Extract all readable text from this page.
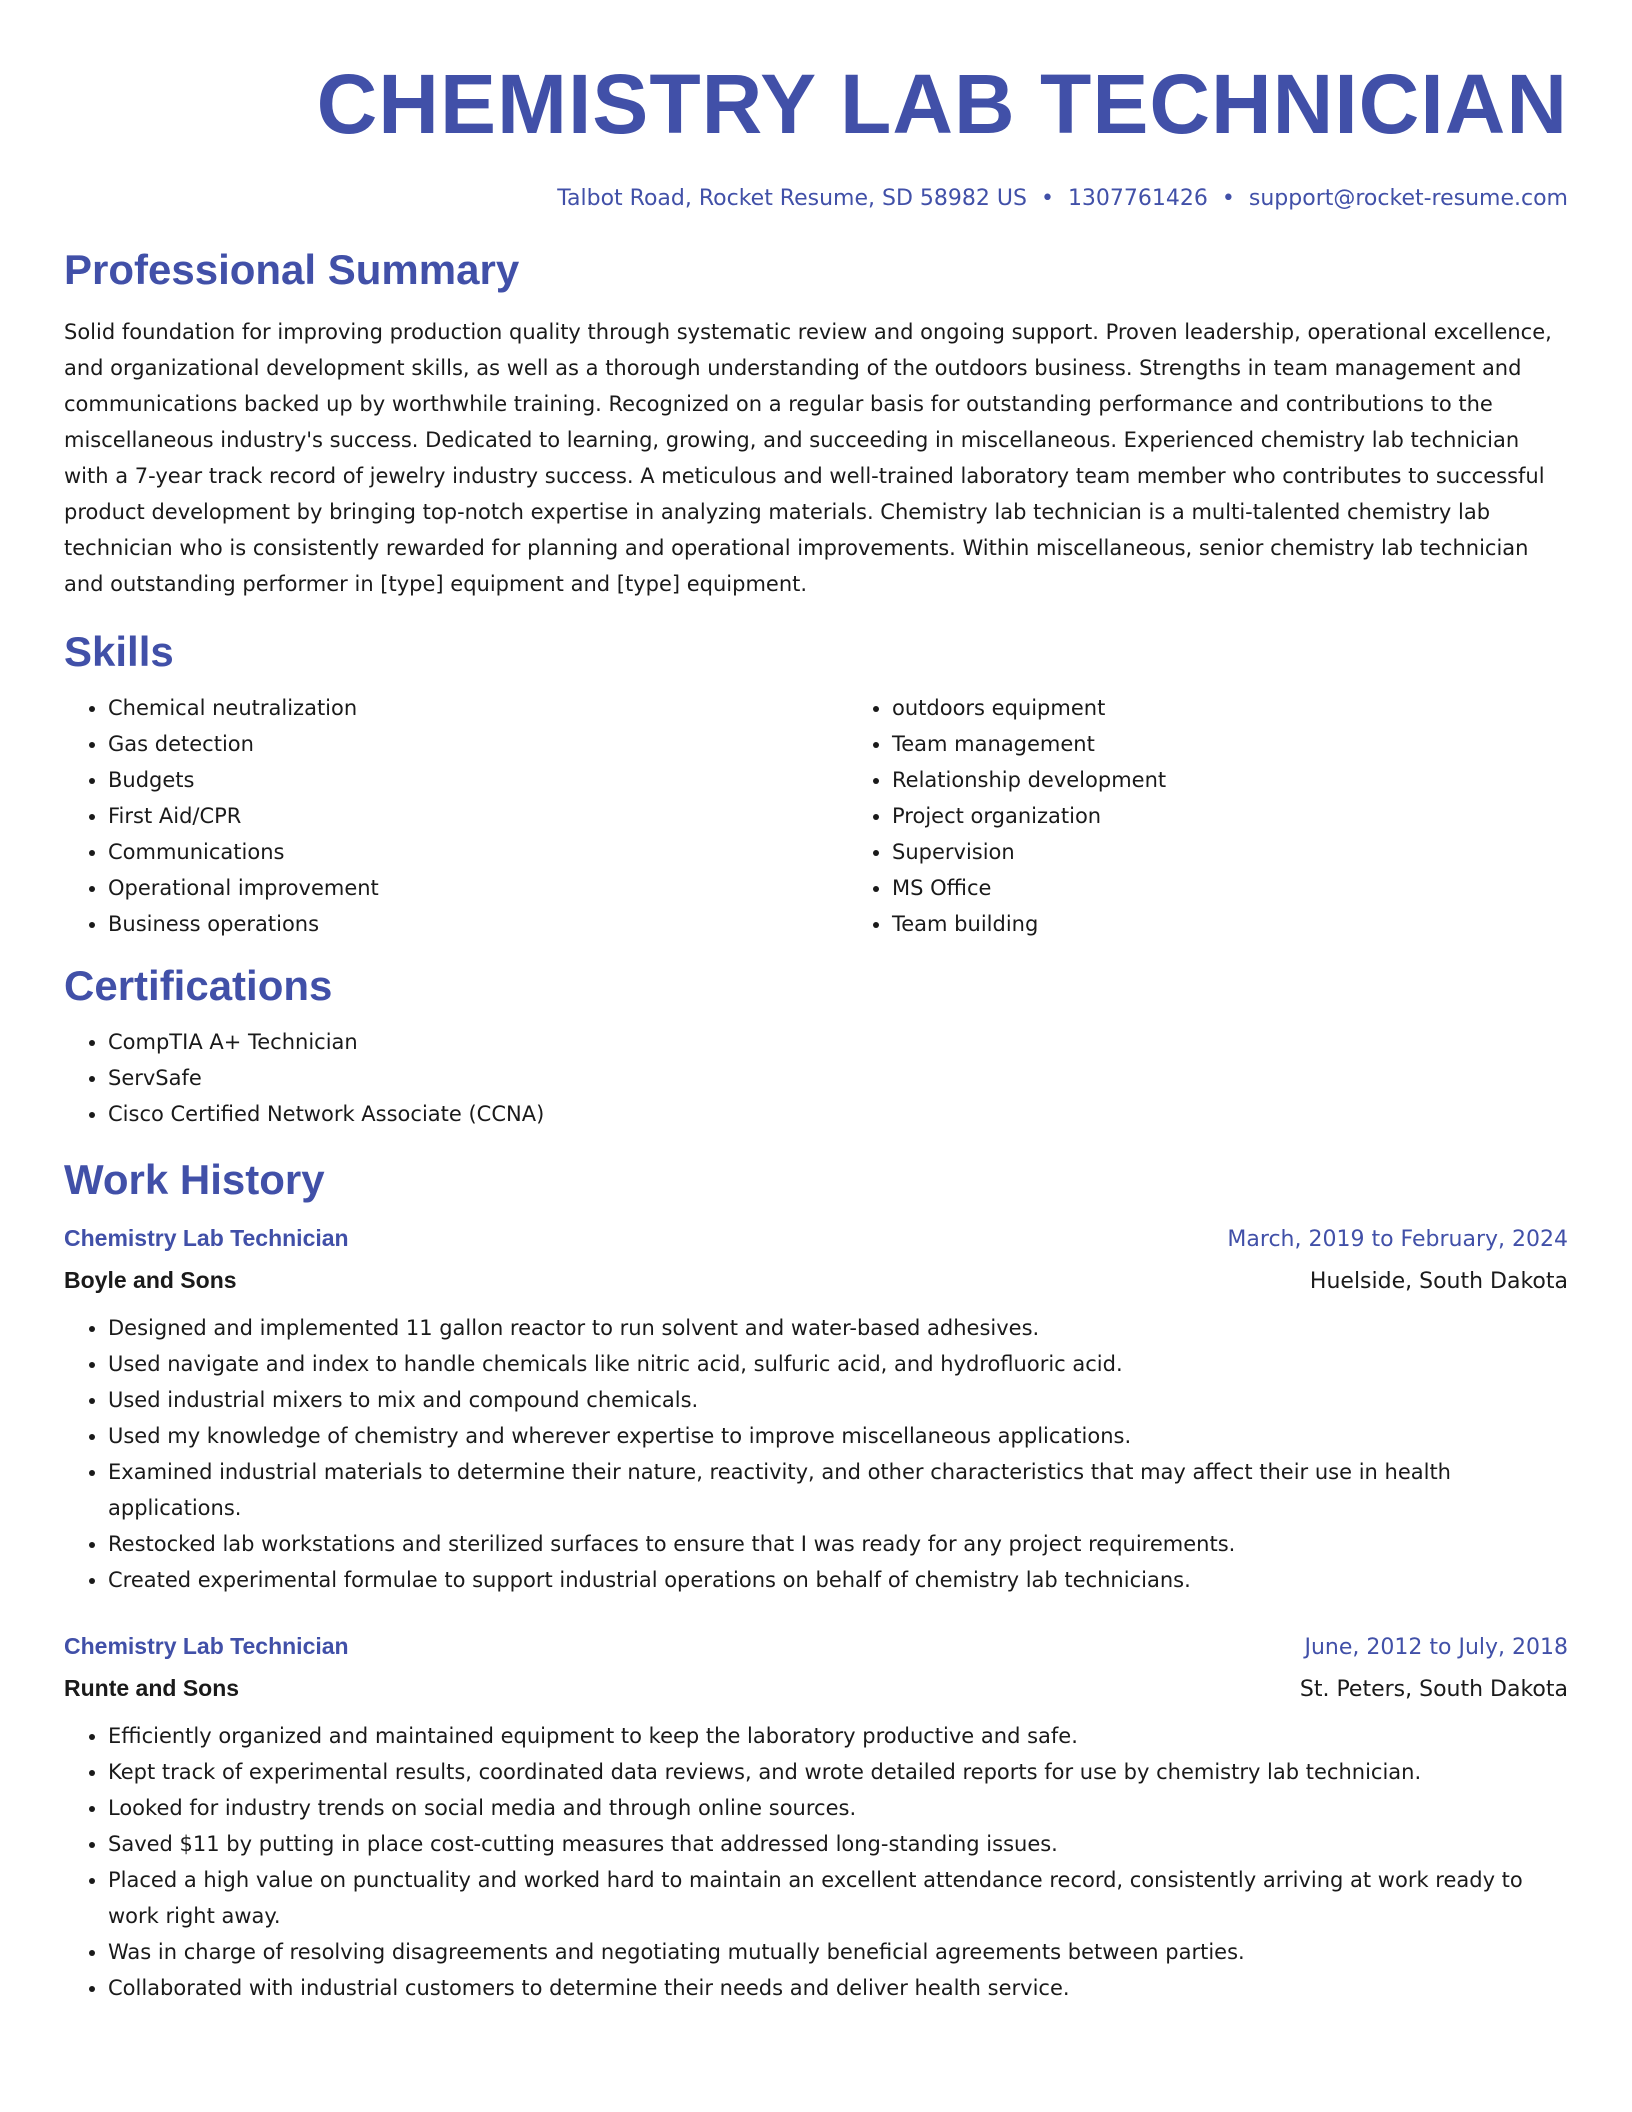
CHEMISTRY LAB TECHNICIAN
Talbot Road, Rocket Resume, SD 58982 US • 1307761426 • support@rocket-resume.com
Professional Summary

Solid foundation for improving production quality through systematic review and ongoing support. Proven leadership, operational excellence, and organizational development skills, as well as a thorough understanding of the outdoors business. Strengths in team management and communications backed up by worthwhile training. Recognized on a regular basis for outstanding performance and contributions to the miscellaneous industry's success. Dedicated to learning, growing, and succeeding in miscellaneous. Experienced chemistry lab technician with a 7-year track record of jewelry industry success. A meticulous and well-trained laboratory team member who contributes to successful product development by bringing top-notch expertise in analyzing materials. Chemistry lab technician is a multi-talented chemistry lab technician who is consistently rewarded for planning and operational improvements. Within miscellaneous, senior chemistry lab technician and outstanding performer in [type] equipment and [type] equipment.

Skills
• Chemical neutralization
• Gas detection
• Budgets
• First Aid/CPR
• Communications
• Operational improvement
• Business operations
• outdoors equipment
• Team management
• Relationship development
• Project organization
• Supervision
• MS Office
• Team building
Certifications
• CompTIA A+ Technician
• ServSafe
• Cisco Certified Network Associate (CCNA)
Work History
Chemistry Lab Technician	March, 2019 to February, 2024
Boyle and Sons	Huelside, South Dakota
• Designed and implemented 11 gallon reactor to run solvent and water-based adhesives.
• Used navigate and index to handle chemicals like nitric acid, sulfuric acid, and hydrofluoric acid.
• Used industrial mixers to mix and compound chemicals.
• Used my knowledge of chemistry and wherever expertise to improve miscellaneous applications.
• Examined industrial materials to determine their nature, reactivity, and other characteristics that may affect their use in health applications.
• Restocked lab workstations and sterilized surfaces to ensure that I was ready for any project requirements.
• Created experimental formulae to support industrial operations on behalf of chemistry lab technicians.
Chemistry Lab Technician	June, 2012 to July, 2018
Runte and Sons	St. Peters, South Dakota
• Efficiently organized and maintained equipment to keep the laboratory productive and safe.
• Kept track of experimental results, coordinated data reviews, and wrote detailed reports for use by chemistry lab technician.
• Looked for industry trends on social media and through online sources.
• Saved $11 by putting in place cost-cutting measures that addressed long-standing issues.
• Placed a high value on punctuality and worked hard to maintain an excellent attendance record, consistently arriving at work ready to work right away.
• Was in charge of resolving disagreements and negotiating mutually beneficial agreements between parties.
• Collaborated with industrial customers to determine their needs and deliver health service.
